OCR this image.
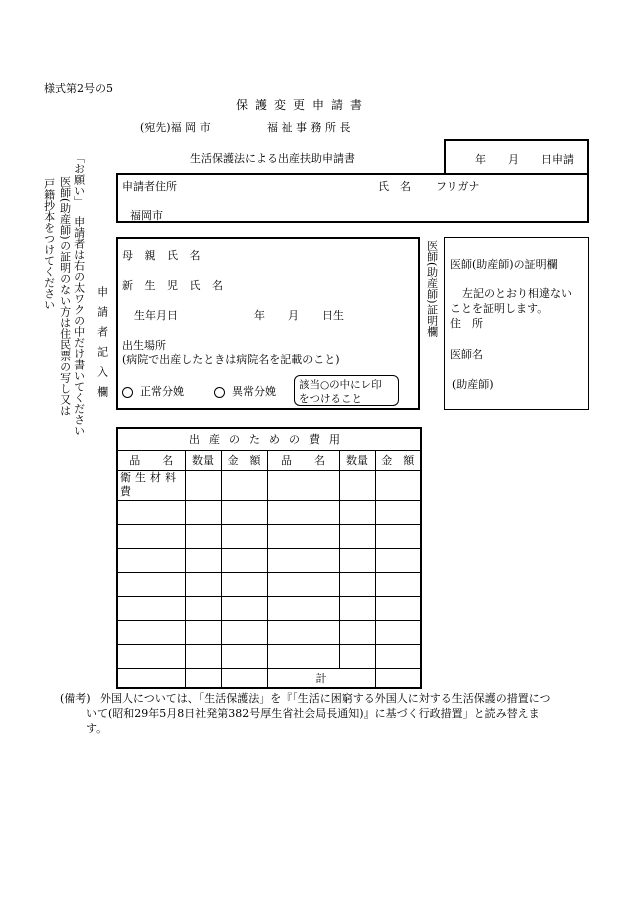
様式第2号の5
保護変更申請書
(宛先)福 岡 市	福 祉 事 務 所 長
「お願い」
申請者は右の太ワクの中だけ書いてください
医師(助産師)の証明のない方は住民票の写し又は
戸籍抄本をつけてください
申請者記入欄
生活保護法による出産扶助申請書	年　　月　　日申請
申請者住所
福岡市
氏　名 フリガナ
母 親 氏 名
新 生 児 氏 名
生年月日	年 月 日生
出生場所
(病院で出産したときは病院名を記載のこと)
正常分娩	異常分娩 該当○の中にレ印
をつけること
医師(助産師)証明欄 医師(助産師)の証明欄
左記のとおり相違ない
ことを証明します。
住　所
医師名
(助産師)
出産のための費用					
品　　名	数量	金　額	品　　名	数量	金　額
衛生材料費					

			計		
(備考) 外国人については、「生活保護法」を『「生活に困窮する外国人に対する生活保護の措置につ
いて(昭和29年5月8日社発第382号厚生省社会局長通知)』に基づく行政措置」と読み替えま
す。
